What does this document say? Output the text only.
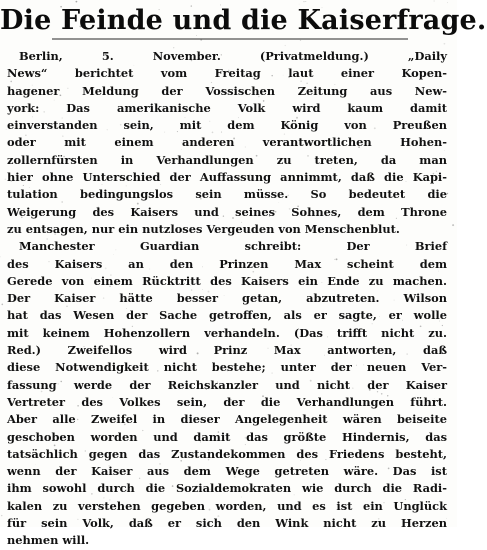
Die Feinde und die Kaiserfrage.
Berlin, 5. November. (Privatmeldung.) „Daily
News“ berichtet vom Freitag laut einer Kopen-
hagener Meldung der Vossischen Zeitung aus New-
york: Das amerikanische Volk wird kaum damit
einverstanden sein, mit dem König von Preußen
oder mit einem anderen verantwortlichen Hohen-
zollernfürsten in Verhandlungen zu treten, da man
hier ohne Unterschied der Auffassung annimmt, daß die Kapi-
tulation bedingungslos sein müsse. So bedeutet die
Weigerung des Kaisers und seines Sohnes, dem Throne
zu entsagen, nur ein nutzloses Vergeuden von Menschenblut.
Manchester Guardian schreibt: Der Brief
des Kaisers an den Prinzen Max scheint dem
Gerede von einem Rücktritt des Kaisers ein Ende zu machen.
Der Kaiser hätte besser getan, abzutreten. Wilson
hat das Wesen der Sache getroffen, als er sagte, er wolle
mit keinem Hohenzollern verhandeln. (Das trifft nicht zu.
Red.) Zweifellos wird Prinz Max antworten, daß
diese Notwendigkeit nicht bestehe; unter der neuen Ver-
fassung werde der Reichskanzler und nicht der Kaiser
Vertreter des Volkes sein, der die Verhandlungen führt.
Aber alle Zweifel in dieser Angelegenheit wären beiseite
geschoben worden und damit das größte Hindernis, das
tatsächlich gegen das Zustandekommen des Friedens besteht,
wenn der Kaiser aus dem Wege getreten wäre. Das ist
ihm sowohl durch die Sozialdemokraten wie durch die Radi-
kalen zu verstehen gegeben worden, und es ist ein Unglück
für sein Volk, daß er sich den Wink nicht zu Herzen
nehmen will.
